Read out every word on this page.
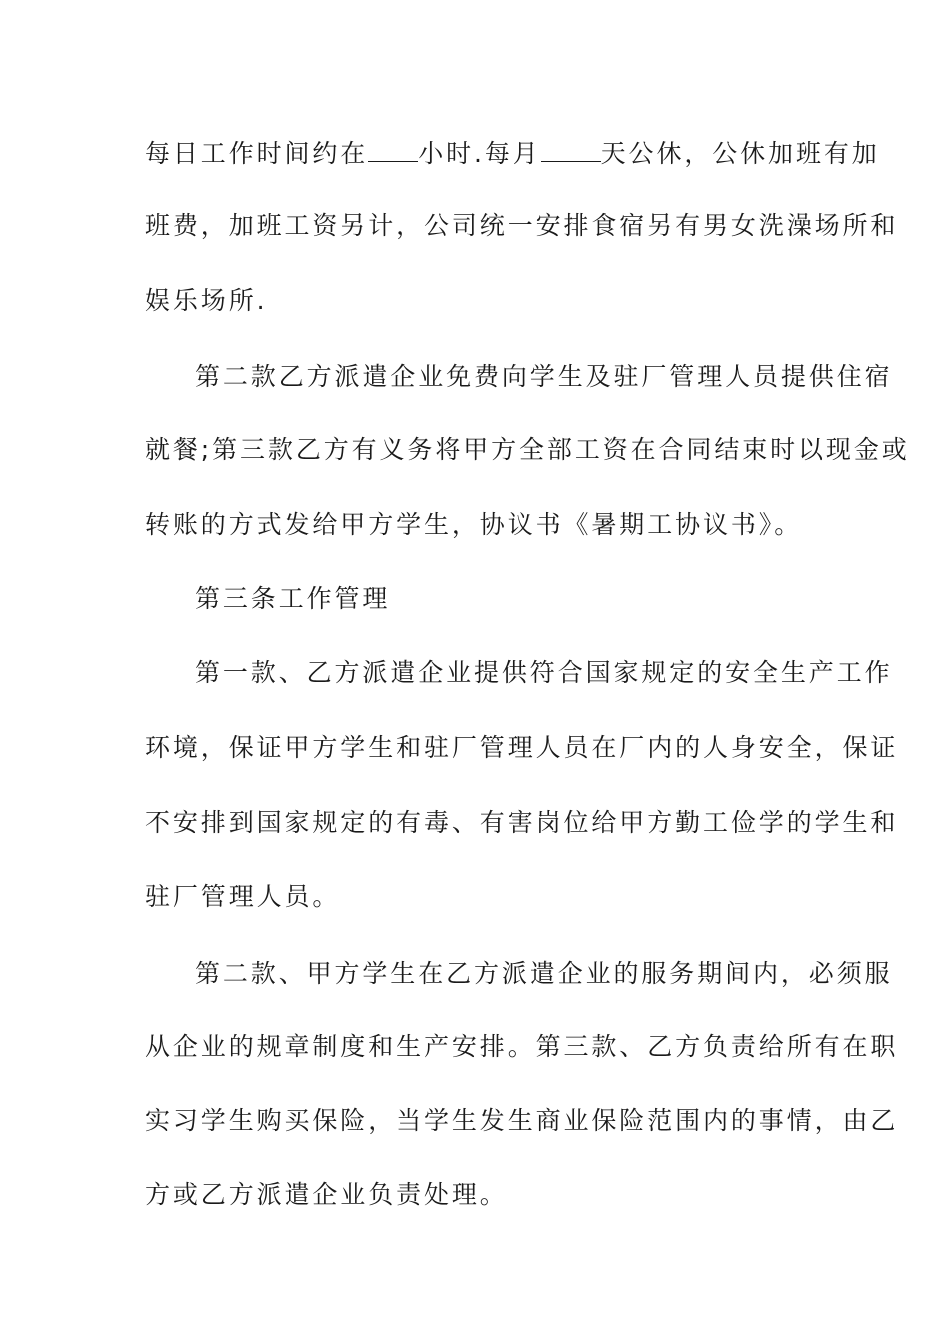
每日工作时间约在 小时.每月 天公休，公休加班有加
班费，加班工资另计，公司统一安排食宿另有男女洗澡场所和
娱乐场所.
第二款乙方派遣企业免费向学生及驻厂管理人员提供住宿
就餐;第三款乙方有义务将甲方全部工资在合同结束时以现金或
转账的方式发给甲方学生，协议书《暑期工协议书》。
第三条工作管理
第一款、乙方派遣企业提供符合国家规定的安全生产工作
环境，保证甲方学生和驻厂管理人员在厂内的人身安全，保证
不安排到国家规定的有毒、有害岗位给甲方勤工俭学的学生和
驻厂管理人员。
第二款、甲方学生在乙方派遣企业的服务期间内，必须服
从企业的规章制度和生产安排。第三款、乙方负责给所有在职
实习学生购买保险，当学生发生商业保险范围内的事情，由乙
方或乙方派遣企业负责处理。
